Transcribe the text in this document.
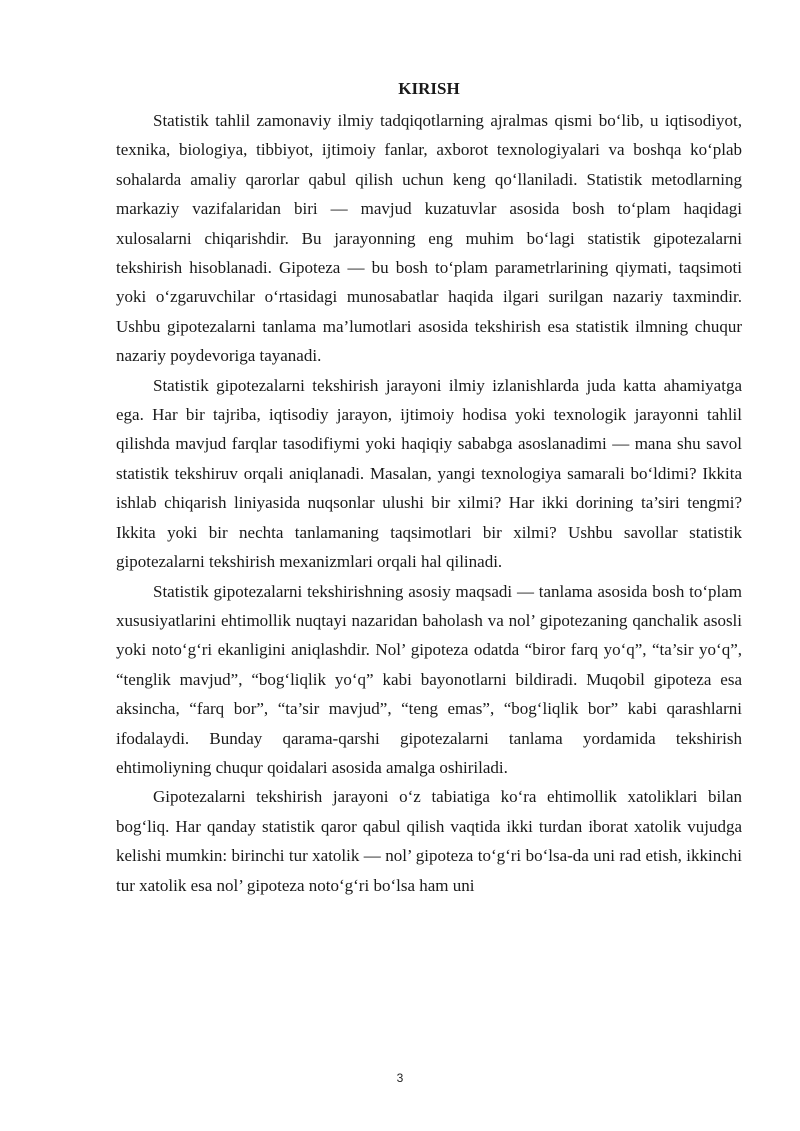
KIRISH

Statistik tahlil zamonaviy ilmiy tadqiqotlarning ajralmas qismi bo‘lib, u iqtisodiyot, texnika, biologiya, tibbiyot, ijtimoiy fanlar, axborot texnologiyalari va boshqa ko‘plab sohalarda amaliy qarorlar qabul qilish uchun keng qo‘llaniladi. Statistik metodlarning markaziy vazifalaridan biri — mavjud kuzatuvlar asosida bosh to‘plam haqidagi xulosalarni chiqarishdir. Bu jarayonning eng muhim bo‘lagi statistik gipotezalarni tekshirish hisoblanadi. Gipoteza — bu bosh to‘plam parametrlarining qiymati, taqsimoti yoki o‘zgaruvchilar o‘rtasidagi munosabatlar haqida ilgari surilgan nazariy taxmindir. Ushbu gipotezalarni tanlama ma’lumotlari asosida tekshirish esa statistik ilmning chuqur nazariy poydevoriga tayanadi.

Statistik gipotezalarni tekshirish jarayoni ilmiy izlanishlarda juda katta ahamiyatga ega. Har bir tajriba, iqtisodiy jarayon, ijtimoiy hodisa yoki texnologik jarayonni tahlil qilishda mavjud farqlar tasodifiymi yoki haqiqiy sababga asoslanadimi — mana shu savol statistik tekshiruv orqali aniqlanadi. Masalan, yangi texnologiya samarali bo‘ldimi? Ikkita ishlab chiqarish liniyasida nuqsonlar ulushi bir xilmi? Har ikki dorining ta’siri tengmi? Ikkita yoki bir nechta tanlamaning taqsimotlari bir xilmi? Ushbu savollar statistik gipotezalarni tekshirish mexanizmlari orqali hal qilinadi.

Statistik gipotezalarni tekshirishning asosiy maqsadi — tanlama asosida bosh to‘plam xususiyatlarini ehtimollik nuqtayi nazaridan baholash va nol’ gipotezaning qanchalik asosli yoki noto‘g‘ri ekanligini aniqlashdir. Nol’ gipoteza odatda “biror farq yo‘q”, “ta’sir yo‘q”, “tenglik mavjud”, “bog‘liqlik yo‘q” kabi bayonotlarni bildiradi. Muqobil gipoteza esa aksincha, “farq bor”, “ta’sir mavjud”, “teng emas”, “bog‘liqlik bor” kabi qarashlarni ifodalaydi. Bunday qarama-qarshi gipotezalarni tanlama yordamida tekshirish ehtimoliyning chuqur qoidalari asosida amalga oshiriladi.

Gipotezalarni tekshirish jarayoni o‘z tabiatiga ko‘ra ehtimollik xatoliklari bilan bog‘liq. Har qanday statistik qaror qabul qilish vaqtida ikki turdan iborat xatolik vujudga kelishi mumkin: birinchi tur xatolik — nol’ gipoteza to‘g‘ri bo‘lsa-da uni rad etish, ikkinchi tur xatolik esa nol’ gipoteza noto‘g‘ri bo‘lsa ham uni

3
